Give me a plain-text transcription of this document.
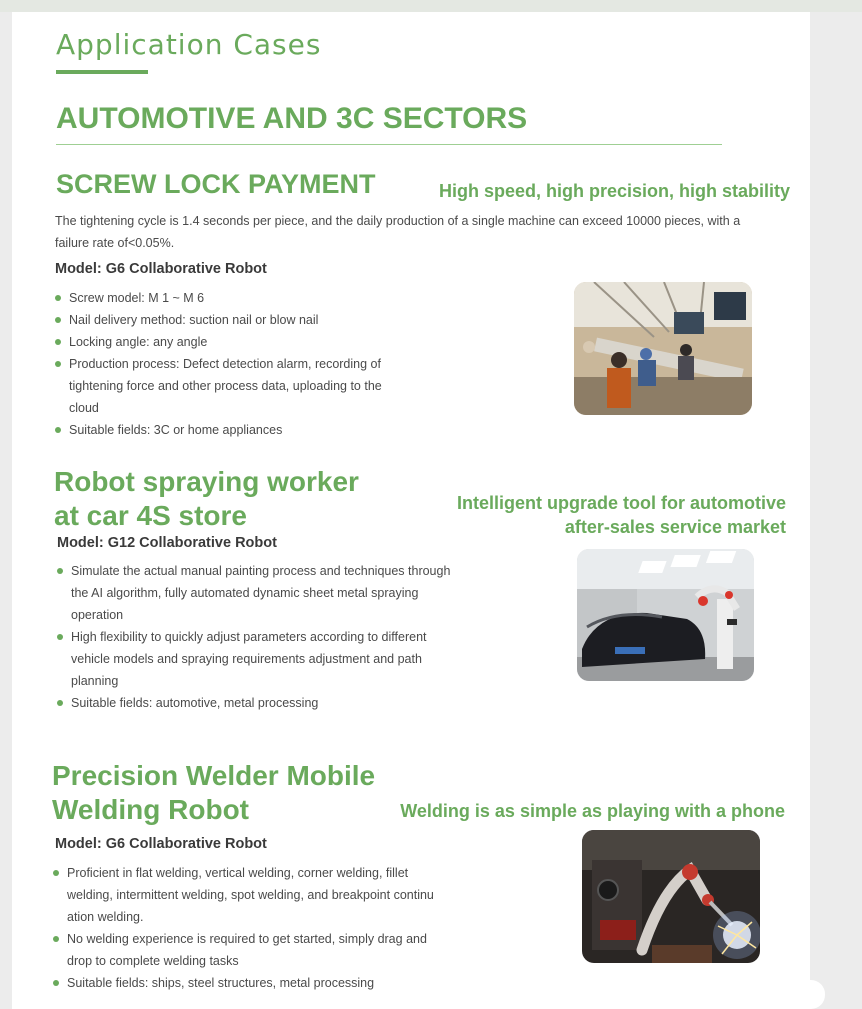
Application Cases
AUTOMOTIVE AND 3C SECTORS
SCREW LOCK PAYMENT	High speed, high precision, high stability
The tightening cycle is 1.4 seconds per piece, and the daily production of a single machine can exceed 10000 pieces, with a failure rate of<0.05%.
Model: G6 Collaborative Robot
Screw model: M 1 ~ M 6
Nail delivery method: suction nail or blow nail
Locking angle: any angle
Production process: Defect detection alarm, recording of tightening force and other process data, uploading to the cloud
Suitable fields: 3C or home appliances
Robot spraying worker
at car 4S store	Intelligent upgrade tool for automotive
after-sales service market
Model: G12 Collaborative Robot
Simulate the actual manual painting process and techniques through the AI algorithm, fully automated dynamic sheet metal spraying operation
High flexibility to quickly adjust parameters according to different vehicle models and spraying requirements adjustment and path planning
Suitable fields: automotive, metal processing
Precision Welder Mobile
Welding Robot	Welding is as simple as playing with a phone
Model: G6 Collaborative Robot
Proficient in flat welding, vertical welding, corner welding, fillet welding, intermittent welding, spot welding, and breakpoint continu ation welding.
No welding experience is required to get started, simply drag and drop to complete welding tasks
Suitable fields: ships, steel structures, metal processing
